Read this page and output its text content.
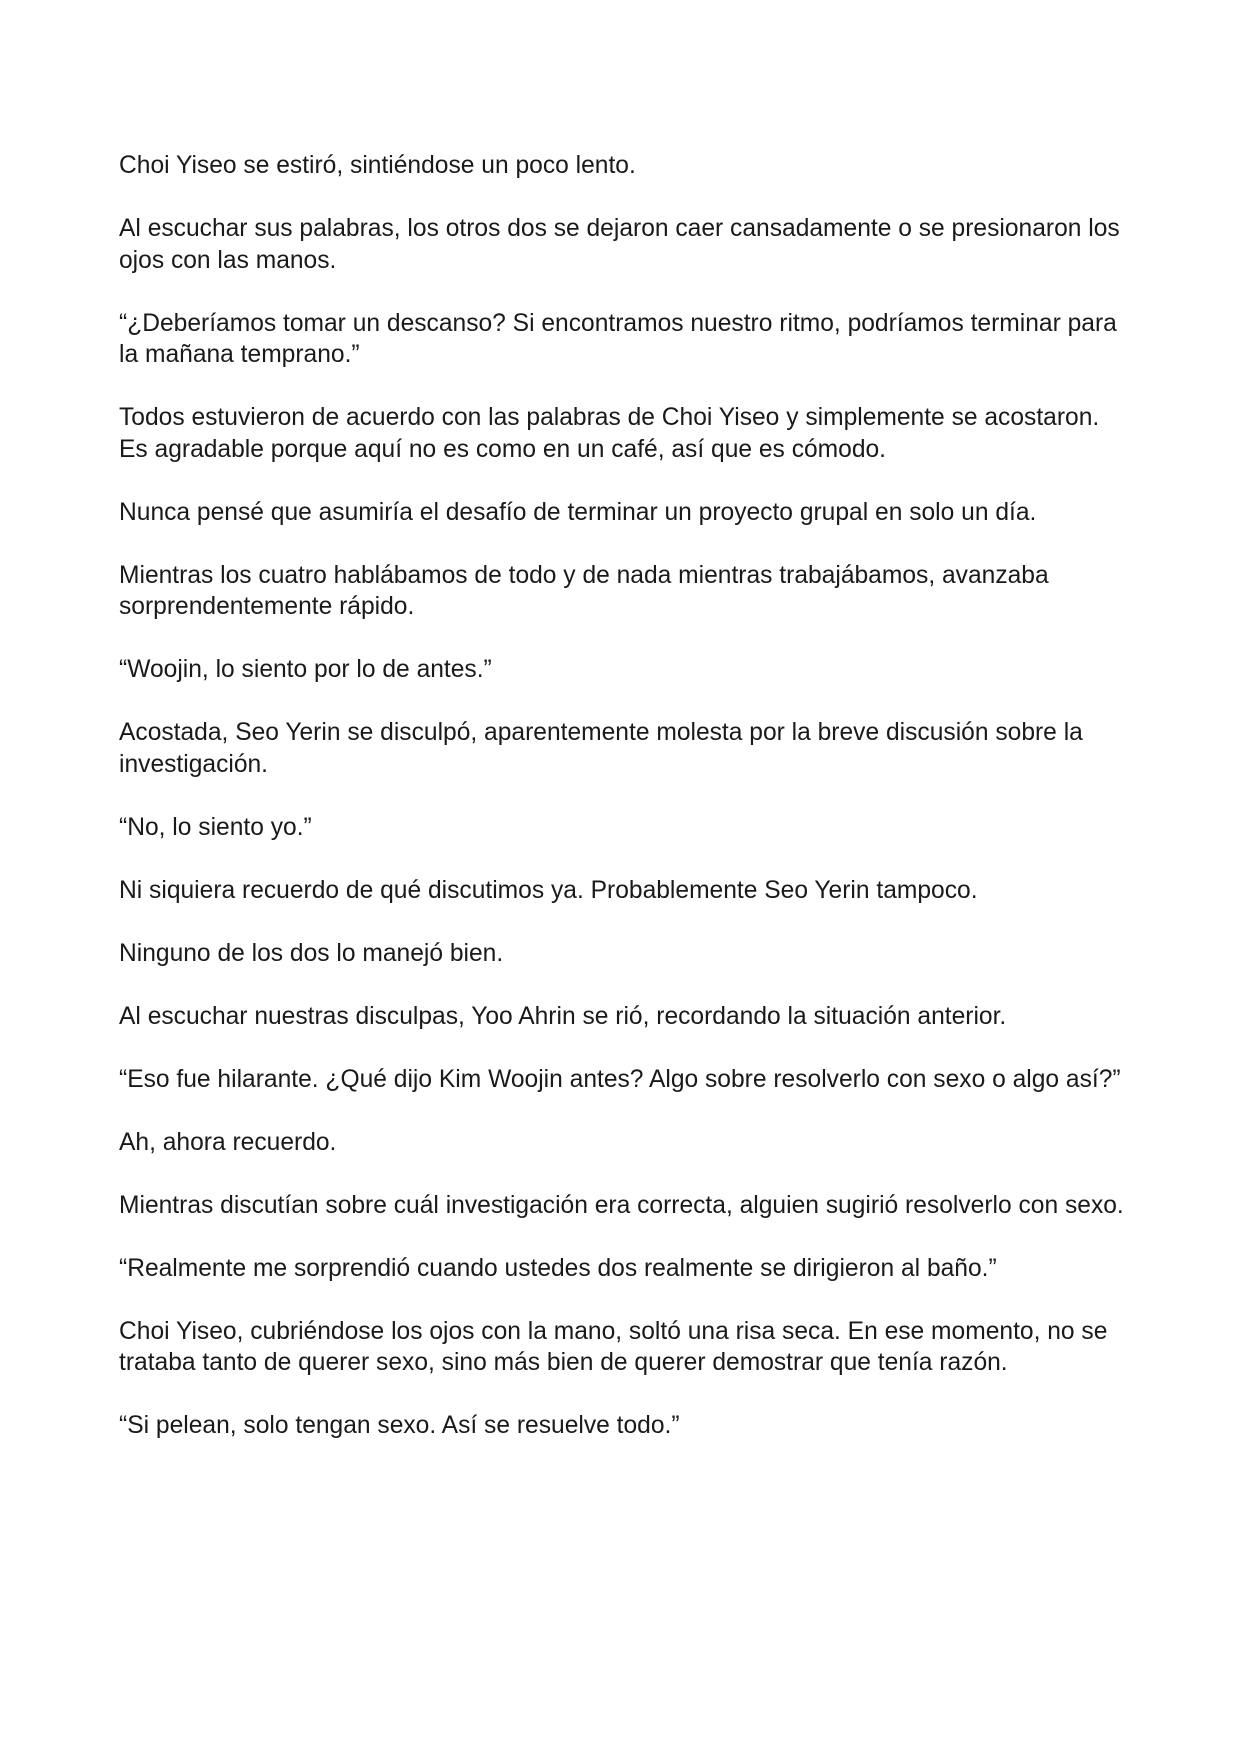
Choi Yiseo se estiró, sintiéndose un poco lento.

Al escuchar sus palabras, los otros dos se dejaron caer cansadamente o se presionaron los ojos con las manos.

“¿Deberíamos tomar un descanso? Si encontramos nuestro ritmo, podríamos terminar para la mañana temprano.”

Todos estuvieron de acuerdo con las palabras de Choi Yiseo y simplemente se acostaron. Es agradable porque aquí no es como en un café, así que es cómodo.

Nunca pensé que asumiría el desafío de terminar un proyecto grupal en solo un día.

Mientras los cuatro hablábamos de todo y de nada mientras trabajábamos, avanzaba sorprendentemente rápido.

“Woojin, lo siento por lo de antes.”

Acostada, Seo Yerin se disculpó, aparentemente molesta por la breve discusión sobre la investigación.

“No, lo siento yo.”

Ni siquiera recuerdo de qué discutimos ya. Probablemente Seo Yerin tampoco.

Ninguno de los dos lo manejó bien.

Al escuchar nuestras disculpas, Yoo Ahrin se rió, recordando la situación anterior.

“Eso fue hilarante. ¿Qué dijo Kim Woojin antes? Algo sobre resolverlo con sexo o algo así?”

Ah, ahora recuerdo.

Mientras discutían sobre cuál investigación era correcta, alguien sugirió resolverlo con sexo.

“Realmente me sorprendió cuando ustedes dos realmente se dirigieron al baño.”

Choi Yiseo, cubriéndose los ojos con la mano, soltó una risa seca. En ese momento, no se trataba tanto de querer sexo, sino más bien de querer demostrar que tenía razón.

“Si pelean, solo tengan sexo. Así se resuelve todo.”
